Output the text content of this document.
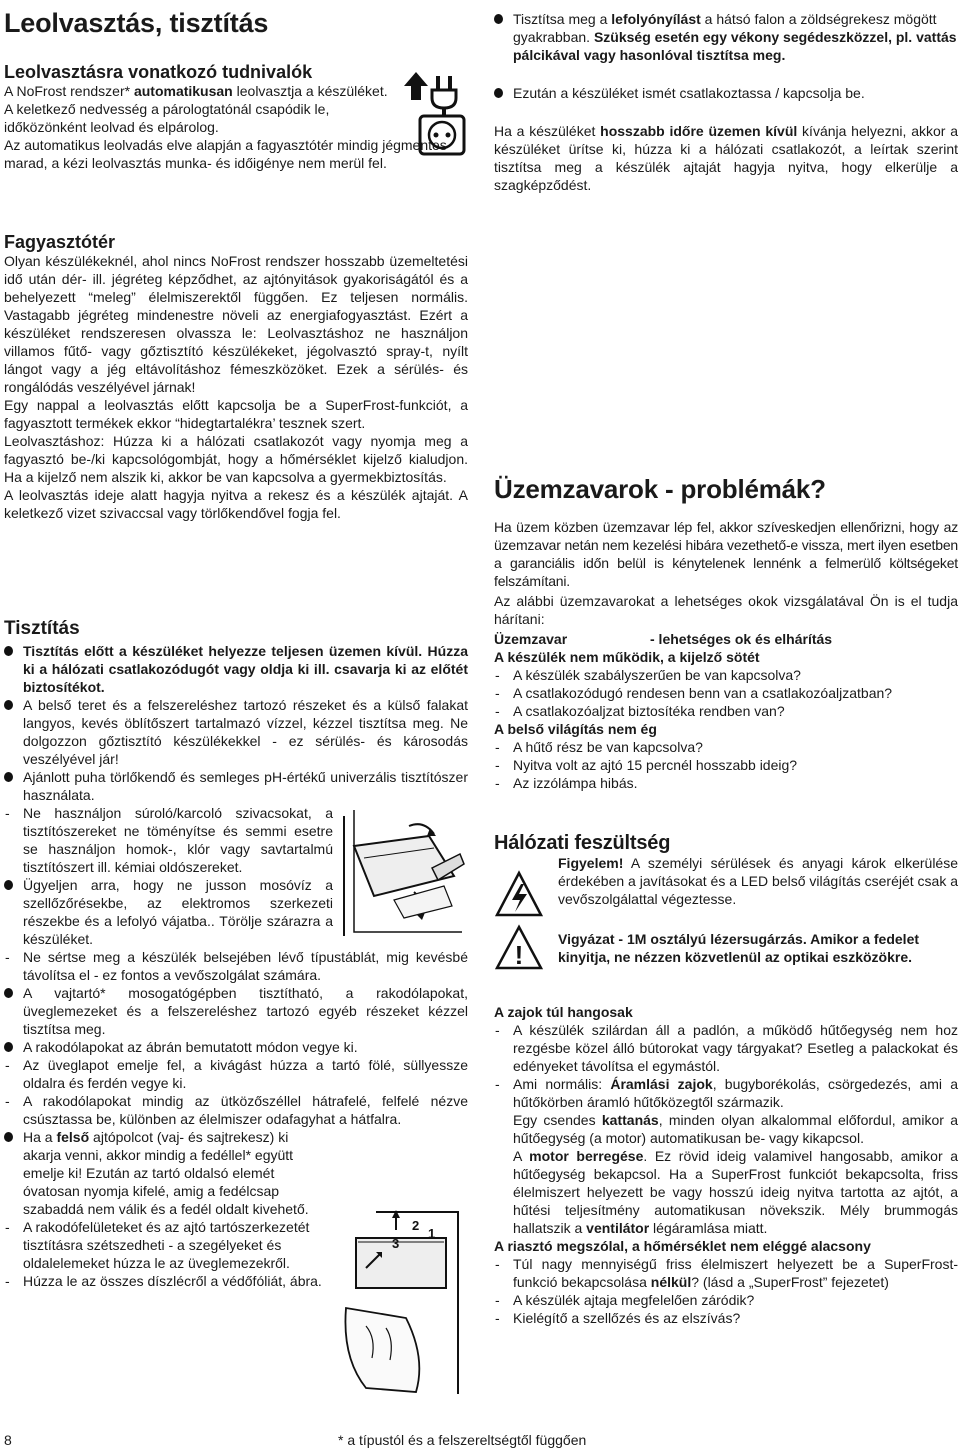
Leolvasztás, tisztítás
Leolvasztásra vonatkozó tudnivalók

A NoFrost rendszer* automatikusan leolvasztja a készüléket.

A keletkező nedvesség a párologtatónál csapódik le, időközönként leolvad és elpárolog.

Az automatikus leolvadás elve alapján a fagyasztótér mindig jégmentes marad, a kézi leolvasztás munka- és időigénye nem merül fel.

Fagyasztótér

Olyan készülékeknél, ahol nincs NoFrost rendszer hosszabb üzemeltetési idő után dér- ill. jégréteg képződhet, az ajtónyitások gyakoriságától és a behelyezett “meleg” élelmiszerektől függően. Ez teljesen normális. Vastagabb jégréteg mindenestre növeli az energiafogyasztást. Ezért a készüléket rendszeresen olvassza le: Leolvasztáshoz ne használjon villamos fűtő- vagy gőztisztító készülékeket, jégolvasztó spray-t, nyílt lángot vagy a jég eltávolításhoz fémeszközöket. Ezek a sérülés- és rongálódás veszélyével járnak!

Egy nappal a leolvasztás előtt kapcsolja be a SuperFrost-funkciót, a fagyasztott termékek ekkor “hidegtartalékra’ tesznek szert.

Leolvasztáshoz: Húzza ki a hálózati csatlakozót vagy nyomja meg a fagyasztó be-/ki kapcsológombját, hogy a hőmérséklet kijelző kialudjon. Ha a kijelző nem alszik ki, akkor be van kapcsolva a gyermekbiztosítás.

A leolvasztás ideje alatt hagyja nyitva a rekesz és a készülék ajtaját. A keletkező vizet szivaccsal vagy törlőkendővel fogja fel.

Tisztítás

Tisztítás előtt a készüléket helyezze teljesen üzemen kívül. Húzza ki a hálózati csatlakozódugót vagy oldja ki ill. csavarja ki az előtét biztosítékot.

A belső teret és a felszereléshez tartozó részeket és a külső falakat langyos, kevés öblítőszert tartalmazó vízzel, kézzel tisztítsa meg. Ne dolgozzon gőztisztító készülékekkel - ez sérülés- és károsodás veszélyével jár!

Ajánlott puha törlőkendő és semleges pH-értékű univerzális tisztítószer használata.

- Ne használjon súroló/karcoló szivacsokat, a tisztítószereket ne töményítse és semmi esetre se használjon homok-, klór vagy savtartalmú tisztítószert ill. kémiai oldószereket.

Ügyeljen arra, hogy ne jusson mosóvíz a szellőzőrésekbe, az elektromos szerkezeti részekbe és a lefolyó vájatba.. Törölje szárazra a készüléket.

- Ne sértse meg a készülék belsejében lévő típustáblát, mig kevésbé távolítsa el - ez fontos a vevőszolgálat számára.

A vajtartó* mosogatógépben tisztítható, a rakodólapokat, üveglemezeket és a felszereléshez tartozó egyéb részeket kézzel tisztítsa meg.

A rakodólapokat az ábrán bemutatott módon vegye ki.

- Az üveglapot emelje fel, a kivágást húzza a tartó fölé, süllyessze oldalra és ferdén vegye ki.

- A rakodólapokat mindig az ütközőszéllel hátrafelé, felfelé nézve csúsztassa be, különben az élelmiszer odafagyhat a hátfalra.

Ha a felső ajtópolcot (vaj- és sajtrekesz) ki akarja venni, akkor mindig a fedéllel* együtt emelje ki! Ezután az tartó oldalsó elemét óvatosan nyomja kifelé, amig a fedélcsap szabaddá nem válik és a fedél oldalt kivehető.

- A rakodófelületeket és az ajtó tartószerkezetét tisztításra szétszedheti - a szegélyeket és oldalelemeket húzza le az üveglemezekről.

- Húzza le az összes díszlécről a védőfóliát, ábra.

2
1
3

Tisztítsa meg a lefolyónyílást a hátsó falon a zöldségrekesz mögött gyakrabban. Szükség esetén egy vékony segédeszközzel, pl. vattás pálcikával vagy hasonlóval tisztítsa meg.

Ezután a készüléket ismét csatlakoztassa / kapcsolja be.

Ha a készüléket hosszabb időre üzemen kívül kívánja helyezni, akkor a készüléket ürítse ki, húzza ki a hálózati csatlakozót, a leírtak szerint tisztítsa meg a készülék ajtaját hagyja nyitva, hogy elkerülje a szagképződést.

Üzemzavarok - problémák?

Ha üzem közben üzemzavar lép fel, akkor szíveskedjen ellenőrizni, hogy az üzemzavar netán nem kezelési hibára vezethető-e vissza, mert ilyen esetben a garanciális időn belül is kénytelenek lennénk a felmerülő költségeket felszámítani.

Az alábbi üzemzavarokat a lehetséges okok vizsgálatával Ön is el tudja hárítani:

Üzemzavar	- lehetséges ok és elhárítás

A készülék nem működik, a kijelző sötét

- A készülék szabályszerűen be van kapcsolva?

- A csatlakozódugó rendesen benn van a csatlakozóaljzatban?

- A csatlakozóaljzat biztosítéka rendben van?

A belső világítás nem ég

- A hűtő rész be van kapcsolva?

- Nyitva volt az ajtó 15 percnél hosszabb ideig?

- Az izzólámpa hibás.

Hálózati feszültség

Figyelem! A személyi sérülések és anyagi károk elkerülése érdekében a javításokat és a LED belső világítás cseréjét csak a vevőszolgálattal végeztesse.

!

Vigyázat - 1M osztályú lézersugárzás. Amikor a fedelet kinyitja, ne nézzen közvetlenül az optikai eszközökre.

A zajok túl hangosak

- A készülék szilárdan áll a padlón, a működő hűtőegység nem hoz rezgésbe közel álló bútorokat vagy tárgyakat? Esetleg a palackokat és edényeket távolítsa el egymástól.

- Ami normális: Áramlási zajok, bugyborékolás, csörgedezés, ami a hűtőkörben áramló hűtőközegtől származik.

Egy csendes kattanás, minden olyan alkalommal előfordul, amikor a hűtőegység (a motor) automatikusan be- vagy kikapcsol.

A motor berregése. Ez rövid ideig valamivel hangosabb, amikor a hűtőegység bekapcsol. Ha a SuperFrost funkciót bekapcsolta, friss élelmiszert helyezett be vagy hosszú ideig nyitva tartotta az ajtót, a hűtési teljesítmény automatikusan növekszik. Mély brummogás hallatszik a ventilátor légáramlása miatt.

A riasztó megszólal, a hőmérséklet nem eléggé alacsony

- Túl nagy mennyiségű friss élelmiszert helyezett be a SuperFrost-funkció bekapcsolása nélkül? (lásd a „SuperFrost” fejezetet)

- A készülék ajtaja megfelelően záródik?

- Kielégítő a szellőzés és az elszívás?

8	* a típustól és a felszereltségtől függően
